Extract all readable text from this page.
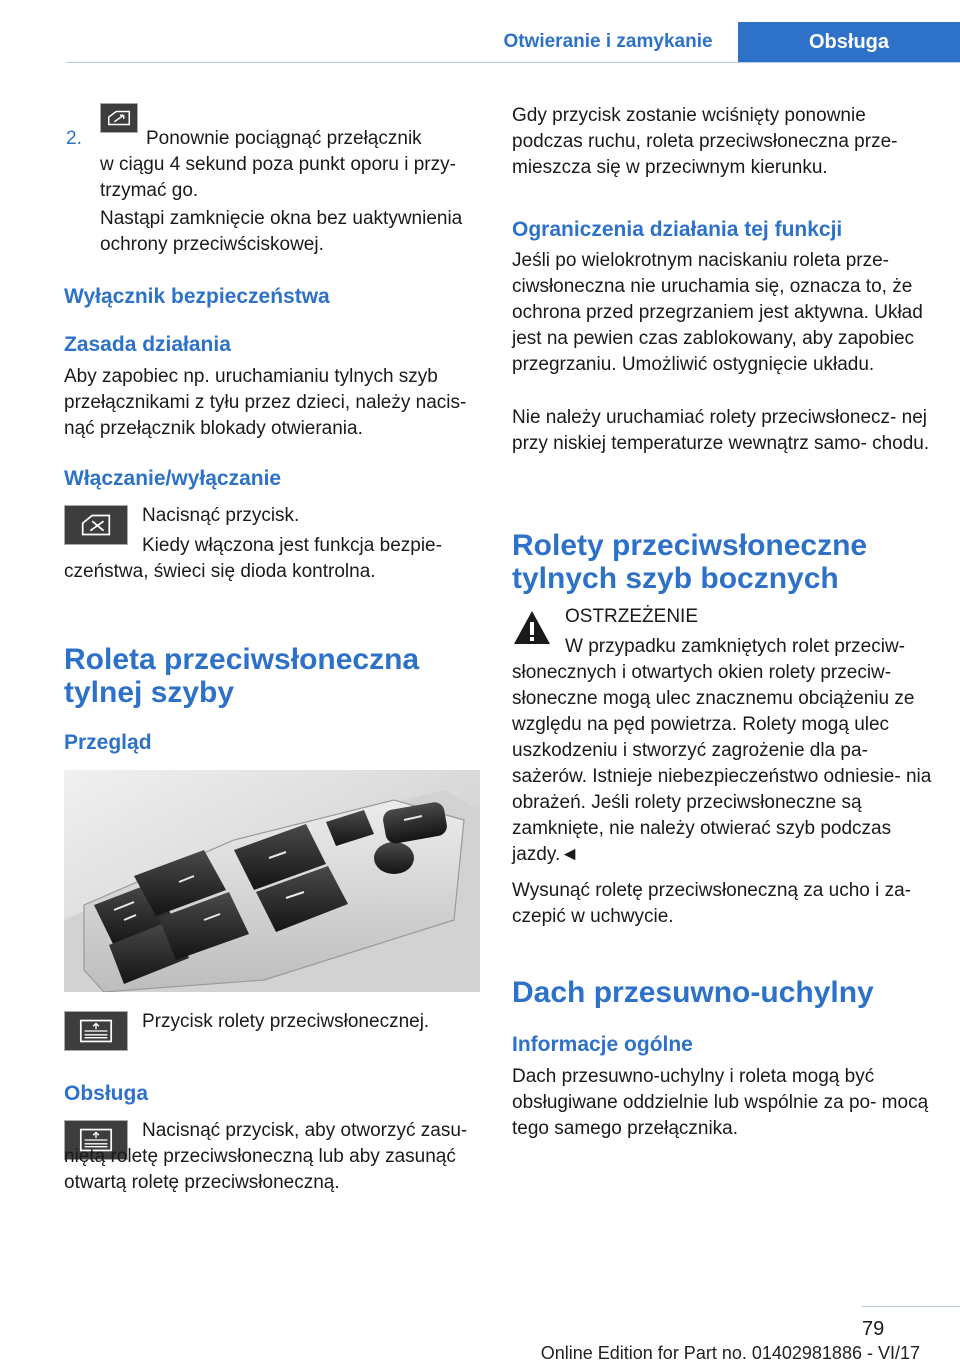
Otwieranie i zamykanie	Obsługa
2.	Ponownie pociągnąć przełącznik
w ciągu 4 sekund poza punkt oporu i przy- trzymać go.
Nastąpi zamknięcie okna bez uaktywnienia ochrony przeciwściskowej.
Wyłącznik bezpieczeństwa
Zasada działania
Aby zapobiec np. uruchamianiu tylnych szyb przełącznikami z tyłu przez dzieci, należy nacis- nąć przełącznik blokady otwierania.
Włączanie/wyłączanie
Nacisnąć przycisk.
Kiedy włączona jest funkcja bezpie- czeństwa, świeci się dioda kontrolna.
Roleta przeciwsłoneczna tylnej szyby
Przegląd
Przycisk rolety przeciwsłonecznej.
Obsługa
Nacisnąć przycisk, aby otworzyć zasu- niętą roletę przeciwsłoneczną lub aby zasunąć otwartą roletę przeciwsłoneczną.
Gdy przycisk zostanie wciśnięty ponownie podczas ruchu, roleta przeciwsłoneczna prze- mieszcza się w przeciwnym kierunku.
Ograniczenia działania tej funkcji
Jeśli po wielokrotnym naciskaniu roleta prze- ciwsłoneczna nie uruchamia się, oznacza to, że ochrona przed przegrzaniem jest aktywna. Układ jest na pewien czas zablokowany, aby zapobiec przegrzaniu. Umożliwić ostygnięcie układu.
Nie należy uruchamiać rolety przeciwsłonecz- nej przy niskiej temperaturze wewnątrz samo- chodu.
Rolety przeciwsłoneczne tylnych szyb bocznych
OSTRZEŻENIE
W przypadku zamkniętych rolet przeciw- słonecznych i otwartych okien rolety przeciw- słoneczne mogą ulec znacznemu obciążeniu ze względu na pęd powietrza. Rolety mogą ulec uszkodzeniu i stworzyć zagrożenie dla pa- sażerów. Istnieje niebezpieczeństwo odniesie- nia obrażeń. Jeśli rolety przeciwsłoneczne są zamknięte, nie należy otwierać szyb podczas jazdy.◄
Wysunąć roletę przeciwsłoneczną za ucho i za- czepić w uchwycie.
Dach przesuwno-uchylny
Informacje ogólne
Dach przesuwno-uchylny i roleta mogą być obsługiwane oddzielnie lub wspólnie za po- mocą tego samego przełącznika.
79
Online Edition for Part no. 01402981886 - VI/17
